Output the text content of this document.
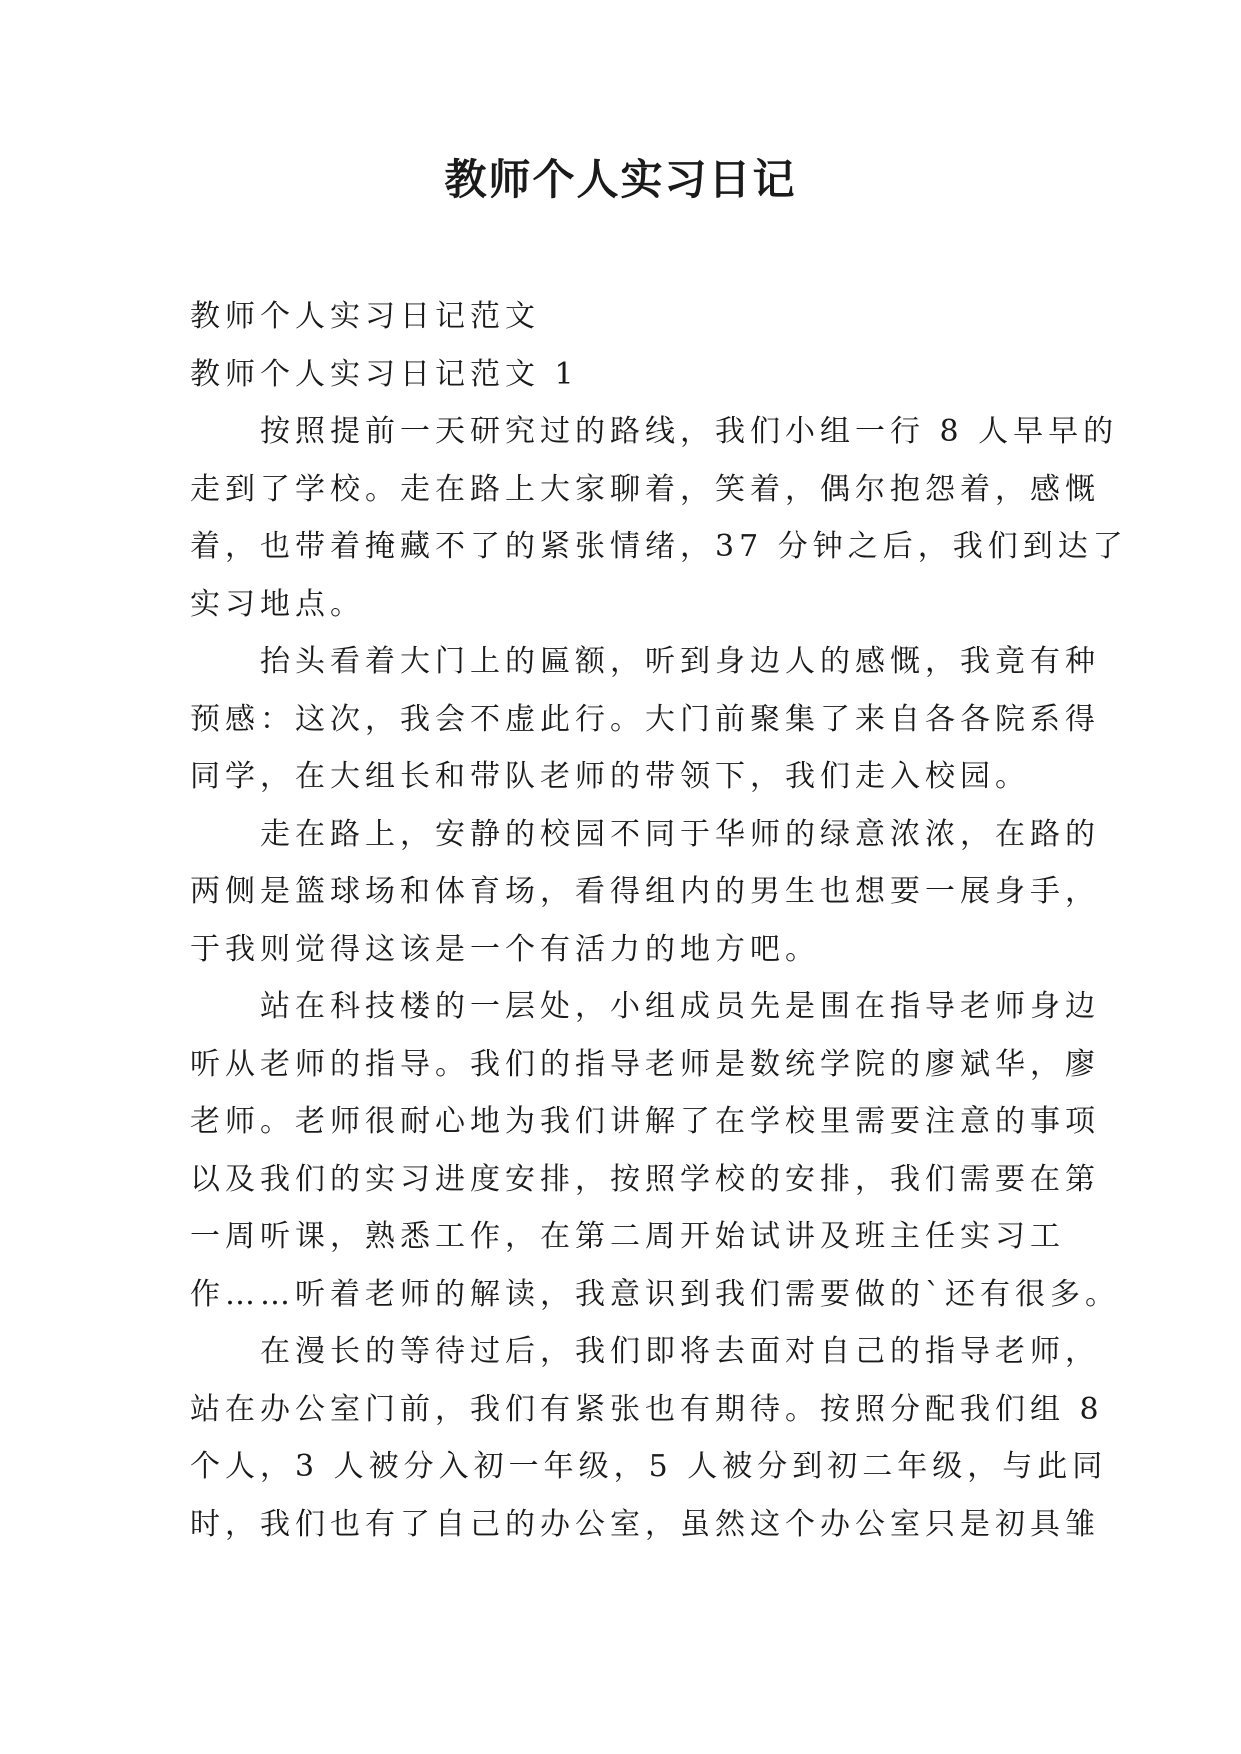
教师个人实习日记
教师个人实习日记范文
教师个人实习日记范文 1
　　按照提前一天研究过的路线，我们小组一行 8 人早早的
走到了学校。走在路上大家聊着，笑着，偶尔抱怨着，感慨
着，也带着掩藏不了的紧张情绪，37 分钟之后，我们到达了
实习地点。
　　抬头看着大门上的匾额，听到身边人的感慨，我竟有种
预感：这次，我会不虚此行。大门前聚集了来自各各院系得
同学，在大组长和带队老师的带领下，我们走入校园。
　　走在路上，安静的校园不同于华师的绿意浓浓，在路的
两侧是篮球场和体育场，看得组内的男生也想要一展身手，
于我则觉得这该是一个有活力的地方吧。
　　站在科技楼的一层处，小组成员先是围在指导老师身边
听从老师的指导。我们的指导老师是数统学院的廖斌华，廖
老师。老师很耐心地为我们讲解了在学校里需要注意的事项
以及我们的实习进度安排，按照学校的安排，我们需要在第
一周听课，熟悉工作，在第二周开始试讲及班主任实习工
作……听着老师的解读，我意识到我们需要做的`还有很多。
　　在漫长的等待过后，我们即将去面对自己的指导老师，
站在办公室门前，我们有紧张也有期待。按照分配我们组 8
个人，3 人被分入初一年级，5 人被分到初二年级，与此同
时，我们也有了自己的办公室，虽然这个办公室只是初具雏
